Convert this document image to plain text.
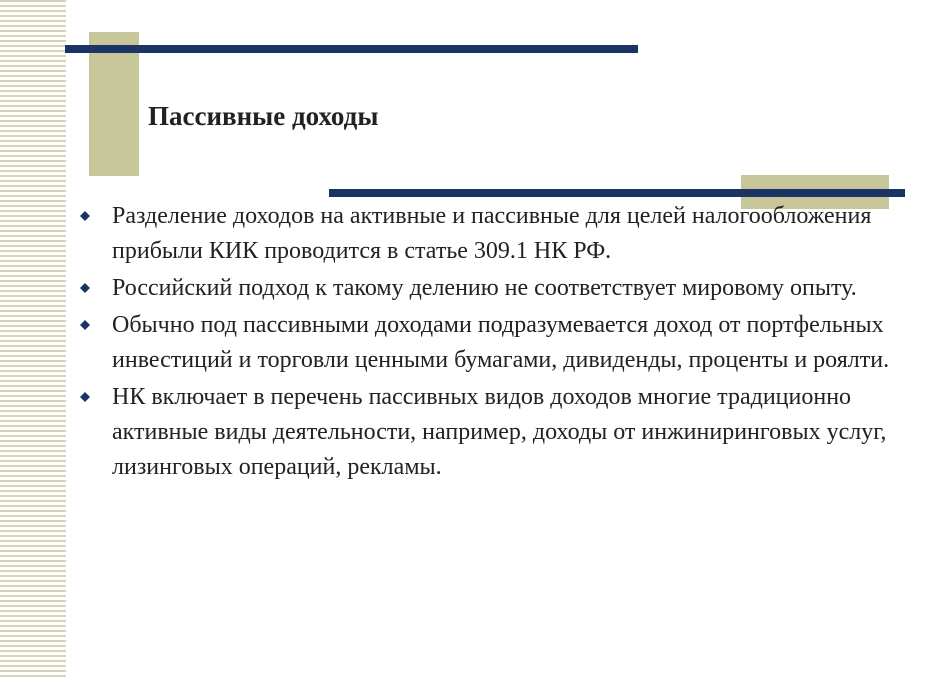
Пассивные доходы
Разделение доходов на активные и пассивные для целей налогообложения прибыли КИК проводится в статье 309.1 НК РФ.
Российский подход к такому делению не соответствует мировому опыту.
Обычно под пассивными доходами подразумевается доход от портфельных инвестиций и торговли ценными бумагами, дивиденды, проценты и роялти.
НК включает в перечень пассивных видов доходов многие традиционно активные виды деятельности, например, доходы от инжиниринговых услуг, лизинговых операций, рекламы.
